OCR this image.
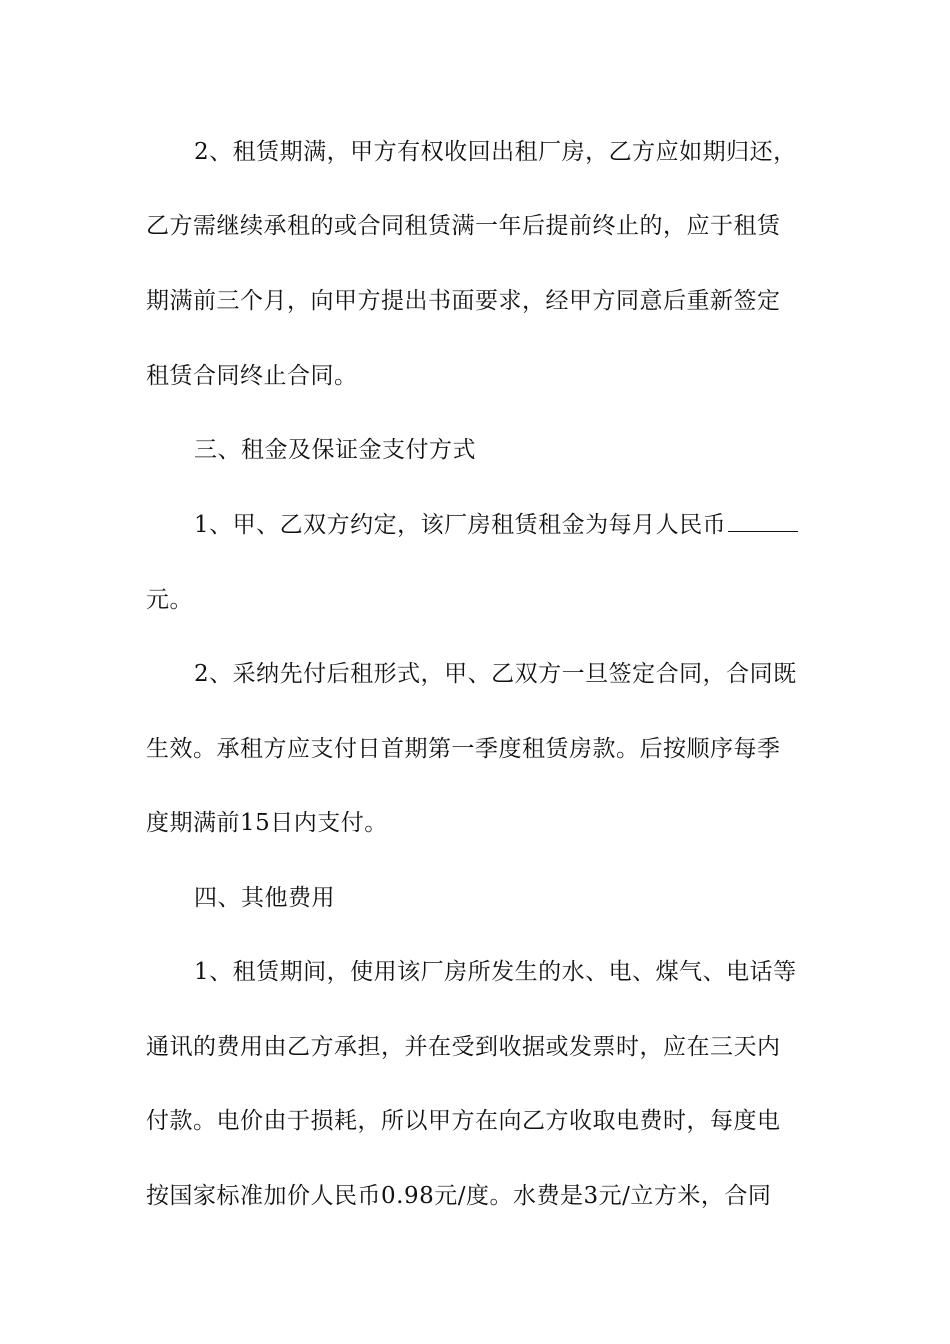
2、租赁期满，甲方有权收回出租厂房，乙方应如期归还，
乙方需继续承租的或合同租赁满一年后提前终止的，应于租赁
期满前三个月，向甲方提出书面要求，经甲方同意后重新签定
租赁合同终止合同。
三、租金及保证金支付方式
1、甲、乙双方约定，该厂房租赁租金为每月人民币
元。
2、采纳先付后租形式，甲、乙双方一旦签定合同，合同既
生效。承租方应支付日首期第一季度租赁房款。后按顺序每季
度期满前15日内支付。
四、其他费用
1、租赁期间，使用该厂房所发生的水、电、煤气、电话等
通讯的费用由乙方承担，并在受到收据或发票时，应在三天内
付款。电价由于损耗，所以甲方在向乙方收取电费时，每度电
按国家标准加价人民币0.98元/度。水费是3元/立方米，合同
